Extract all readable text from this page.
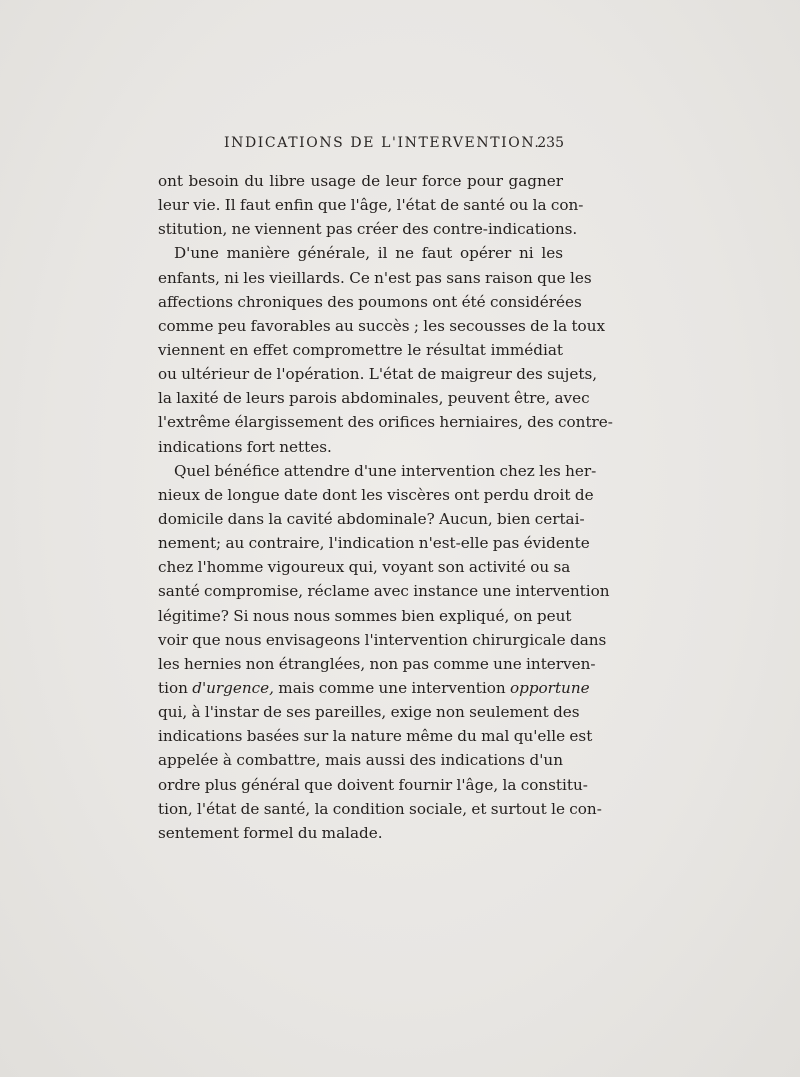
INDICATIONS DE L'INTERVENTION.
235
ont besoin du libre usage de leur force pour gagner
leur vie. Il faut enfin que l'âge, l'état de santé ou la con-
stitution, ne viennent pas créer des contre-indications.
D'une manière générale, il ne faut opérer ni les
enfants, ni les vieillards. Ce n'est pas sans raison que les
affections chroniques des poumons ont été considérées
comme peu favorables au succès ; les secousses de la toux
viennent en effet compromettre le résultat immédiat
ou ultérieur de l'opération. L'état de maigreur des sujets,
la laxité de leurs parois abdominales, peuvent être, avec
l'extrême élargissement des orifices herniaires, des contre-
indications fort nettes.
Quel bénéfice attendre d'une intervention chez les her-
nieux de longue date dont les viscères ont perdu droit de
domicile dans la cavité abdominale? Aucun, bien certai-
nement; au contraire, l'indication n'est-elle pas évidente
chez l'homme vigoureux qui, voyant son activité ou sa
santé compromise, réclame avec instance une intervention
légitime? Si nous nous sommes bien expliqué, on peut
voir que nous envisageons l'intervention chirurgicale dans
les hernies non étranglées, non pas comme une interven-
tion d'urgence, mais comme une intervention opportune
qui, à l'instar de ses pareilles, exige non seulement des
indications basées sur la nature même du mal qu'elle est
appelée à combattre, mais aussi des indications d'un
ordre plus général que doivent fournir l'âge, la constitu-
tion, l'état de santé, la condition sociale, et surtout le con-
sentement formel du malade.
